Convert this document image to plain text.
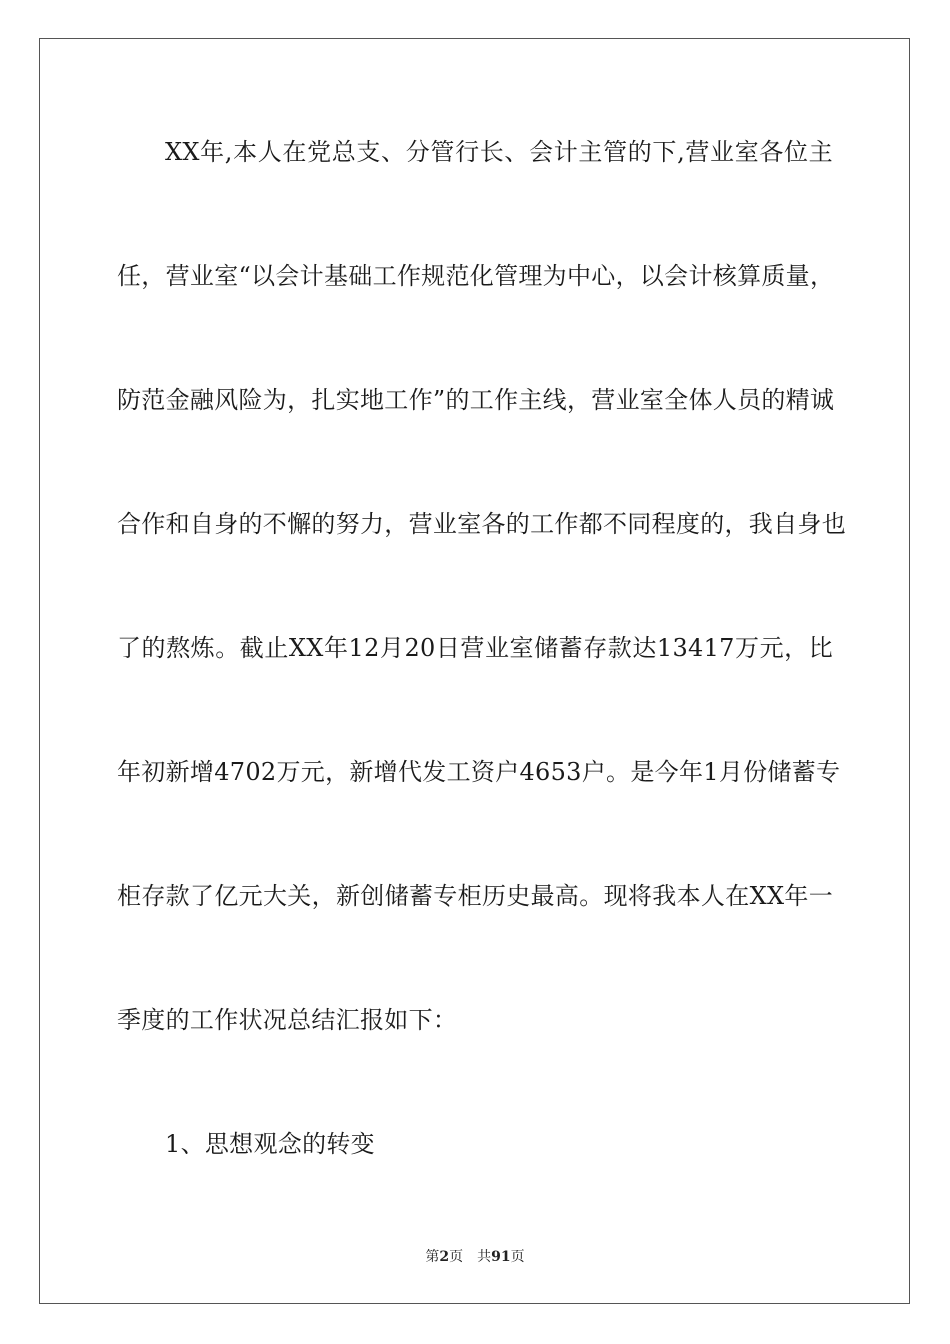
XX年,本人在党总支、分管行长、会计主管的下,营业室各位主
任，营业室“以会计基础工作规范化管理为中心，以会计核算质量，
防范金融风险为，扎实地工作”的工作主线，营业室全体人员的精诚
合作和自身的不懈的努力，营业室各的工作都不同程度的，我自身也
了的熬炼。截止XX年12月20日营业室储蓄存款达13417万元，比
年初新增4702万元，新增代发工资户4653户。是今年1月份储蓄专
柜存款了亿元大关，新创储蓄专柜历史最高。现将我本人在XX年一
季度的工作状况总结汇报如下：
1、思想观念的转变
第2页 共91页
